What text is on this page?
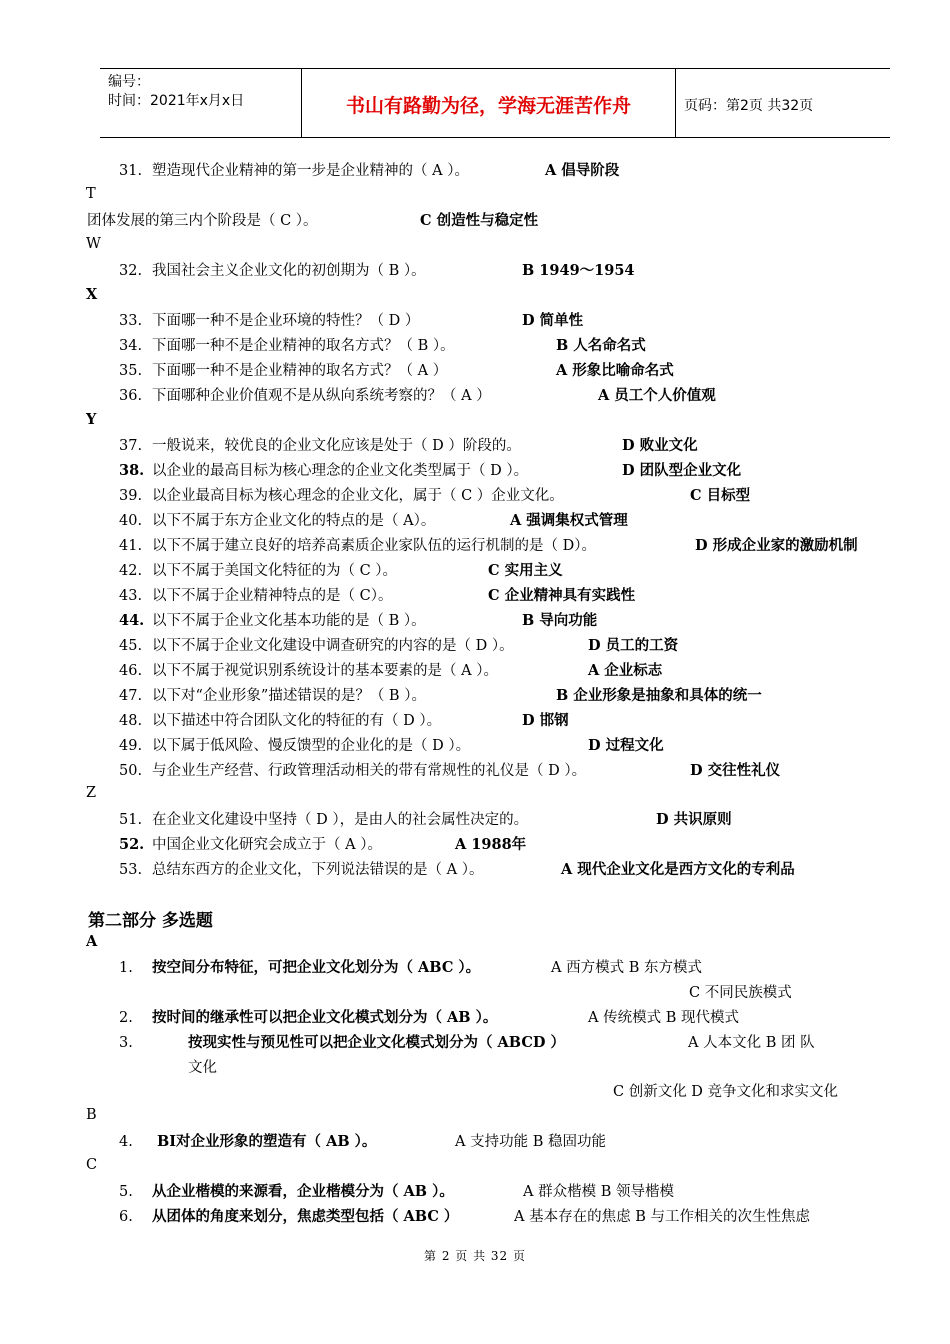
编号：
时间：2021年x月x日	书山有路勤为径，学海无涯苦作舟	页码：第2页 共32页
31. 塑造现代企业精神的第一步是企业精神的（ A ）。	A 倡导阶段
32. 我国社会主义企业文化的初创期为（ B ）。	B 1949～1954
33. 下面哪一种不是企业环境的特性？（ D ）	D 简单性
34. 下面哪一种不是企业精神的取名方式？（ B ）。	B 人名命名式
35. 下面哪一种不是企业精神的取名方式？（ A ）	A 形象比喻命名式
36. 下面哪种企业价值观不是从纵向系统考察的？（ A ）	A 员工个人价值观
37. 一般说来，较优良的企业文化应该是处于（ D ）阶段的。	D 败业文化
38. 以企业的最高目标为核心理念的企业文化类型属于（ D ）。	D 团队型企业文化
39. 以企业最高目标为核心理念的企业文化，属于（ C ）企业文化。	C 目标型
40. 以下不属于东方企业文化的特点的是（ A）。	A 强调集权式管理
41. 以下不属于建立良好的培养高素质企业家队伍的运行机制的是（ D）。	D 形成企业家的激励机制
42. 以下不属于美国文化特征的为（ C ）。	C 实用主义
43. 以下不属于企业精神特点的是（ C）。	C 企业精神具有实践性
44. 以下不属于企业文化基本功能的是（ B ）。	B 导向功能
45. 以下不属于企业文化建设中调查研究的内容的是（ D ）。	D 员工的工资
46. 以下不属于视觉识别系统设计的基本要素的是（ A ）。	A 企业标志
47. 以下对“企业形象”描述错误的是？（ B ）。	B 企业形象是抽象和具体的统一
48. 以下描述中符合团队文化的特征的有（ D ）。	D 邯钢
49. 以下属于低风险、慢反馈型的企业化的是（ D ）。	D 过程文化
50. 与企业生产经营、行政管理活动相关的带有常规性的礼仪是（ D ）。	D 交往性礼仪
51. 在企业文化建设中坚持（ D ），是由人的社会属性决定的。	D 共识原则
52. 中国企业文化研究会成立于（ A ）。	A 1988年
53. 总结东西方的企业文化，下列说法错误的是（ A ）。	A 现代企业文化是西方文化的专利品
T
团体发展的第三内个阶段是（ C ）。	C 创造性与稳定性
W
X
Y
Z
第二部分 多选题
A
1. 按空间分布特征，可把企业文化划分为（ ABC ）。	A 西方模式 B 东方模式
C 不同民族模式
2. 按时间的继承性可以把企业文化模式划分为（ AB ）。	A 传统模式 B 现代模式
3.	按现实性与预见性可以把企业文化模式划分为（ ABCD ）	A 人本文化 B 团 队
文化
C 创新文化 D 竞争文化和求实文化
4. BI对企业形象的塑造有（ AB ）。	A 支持功能 B 稳固功能
5. 从企业楷模的来源看，企业楷模分为（ AB ）。	A 群众楷模 B 领导楷模
6. 从团体的角度来划分，焦虑类型包括（ ABC ）	A 基本存在的焦虑 B 与工作相关的次生性焦虑
B
C
第 2 页 共 32 页
